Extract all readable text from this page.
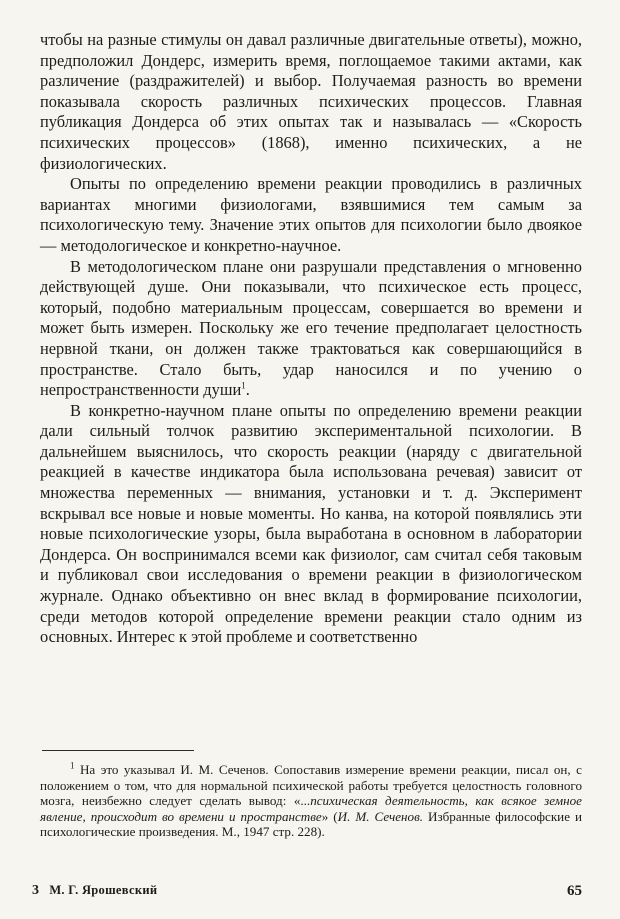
чтобы на разные стимулы он давал различные двигательные ответы), можно, предположил Дондерс, измерить время, поглощаемое такими актами, как различение (раздражителей) и выбор. Получаемая разность во времени показывала скорость различных психических процессов. Главная публикация Дондерса об этих опытах так и называлась — «Скорость психических процессов» (1868), именно психических, а не физиологических.

Опыты по определению времени реакции проводились в различных вариантах многими физиологами, взявшимися тем самым за психологическую тему. Значение этих опытов для психологии было двоякое — методологическое и конкретно-научное.

В методологическом плане они разрушали представления о мгновенно действующей душе. Они показывали, что психическое есть процесс, который, подобно материальным процессам, совершается во времени и может быть измерен. Поскольку же его течение предполагает целостность нервной ткани, он должен также трактоваться как совершающийся в пространстве. Стало быть, удар наносился и по учению о непространственности души$^1$.

В конкретно-научном плане опыты по определению времени реакции дали сильный толчок развитию экспериментальной психологии. В дальнейшем выяснилось, что скорость реакции (наряду с двигательной реакцией в качестве индикатора была использована речевая) зависит от множества переменных — внимания, установки и т. д. Эксперимент вскрывал все новые и новые моменты. Но канва, на которой появлялись эти новые психологические узоры, была выработана в основном в лаборатории Дондерса. Он воспринимался всеми как физиолог, сам считал себя таковым и публиковал свои исследования о времени реакции в физиологическом журнале. Однако объективно он внес вклад в формирование психологии, среди методов которой определение времени реакции стало одним из основных. Интерес к этой проблеме и соответственно

$^1$ На это указывал И. М. Сеченов. Сопоставив измерение времени реакции, писал он, с положением о том, что для нормальной психической работы требуется целостность головного мозга, неизбежно следует сделать вывод: «...психическая деятельность, как всякое земное явление, происходит во времени и пространстве» (И. М. Сеченов. Избранные философские и психологические произведения. М., 1947 стр. 228).

3 М. Г. Ярошевский	65
